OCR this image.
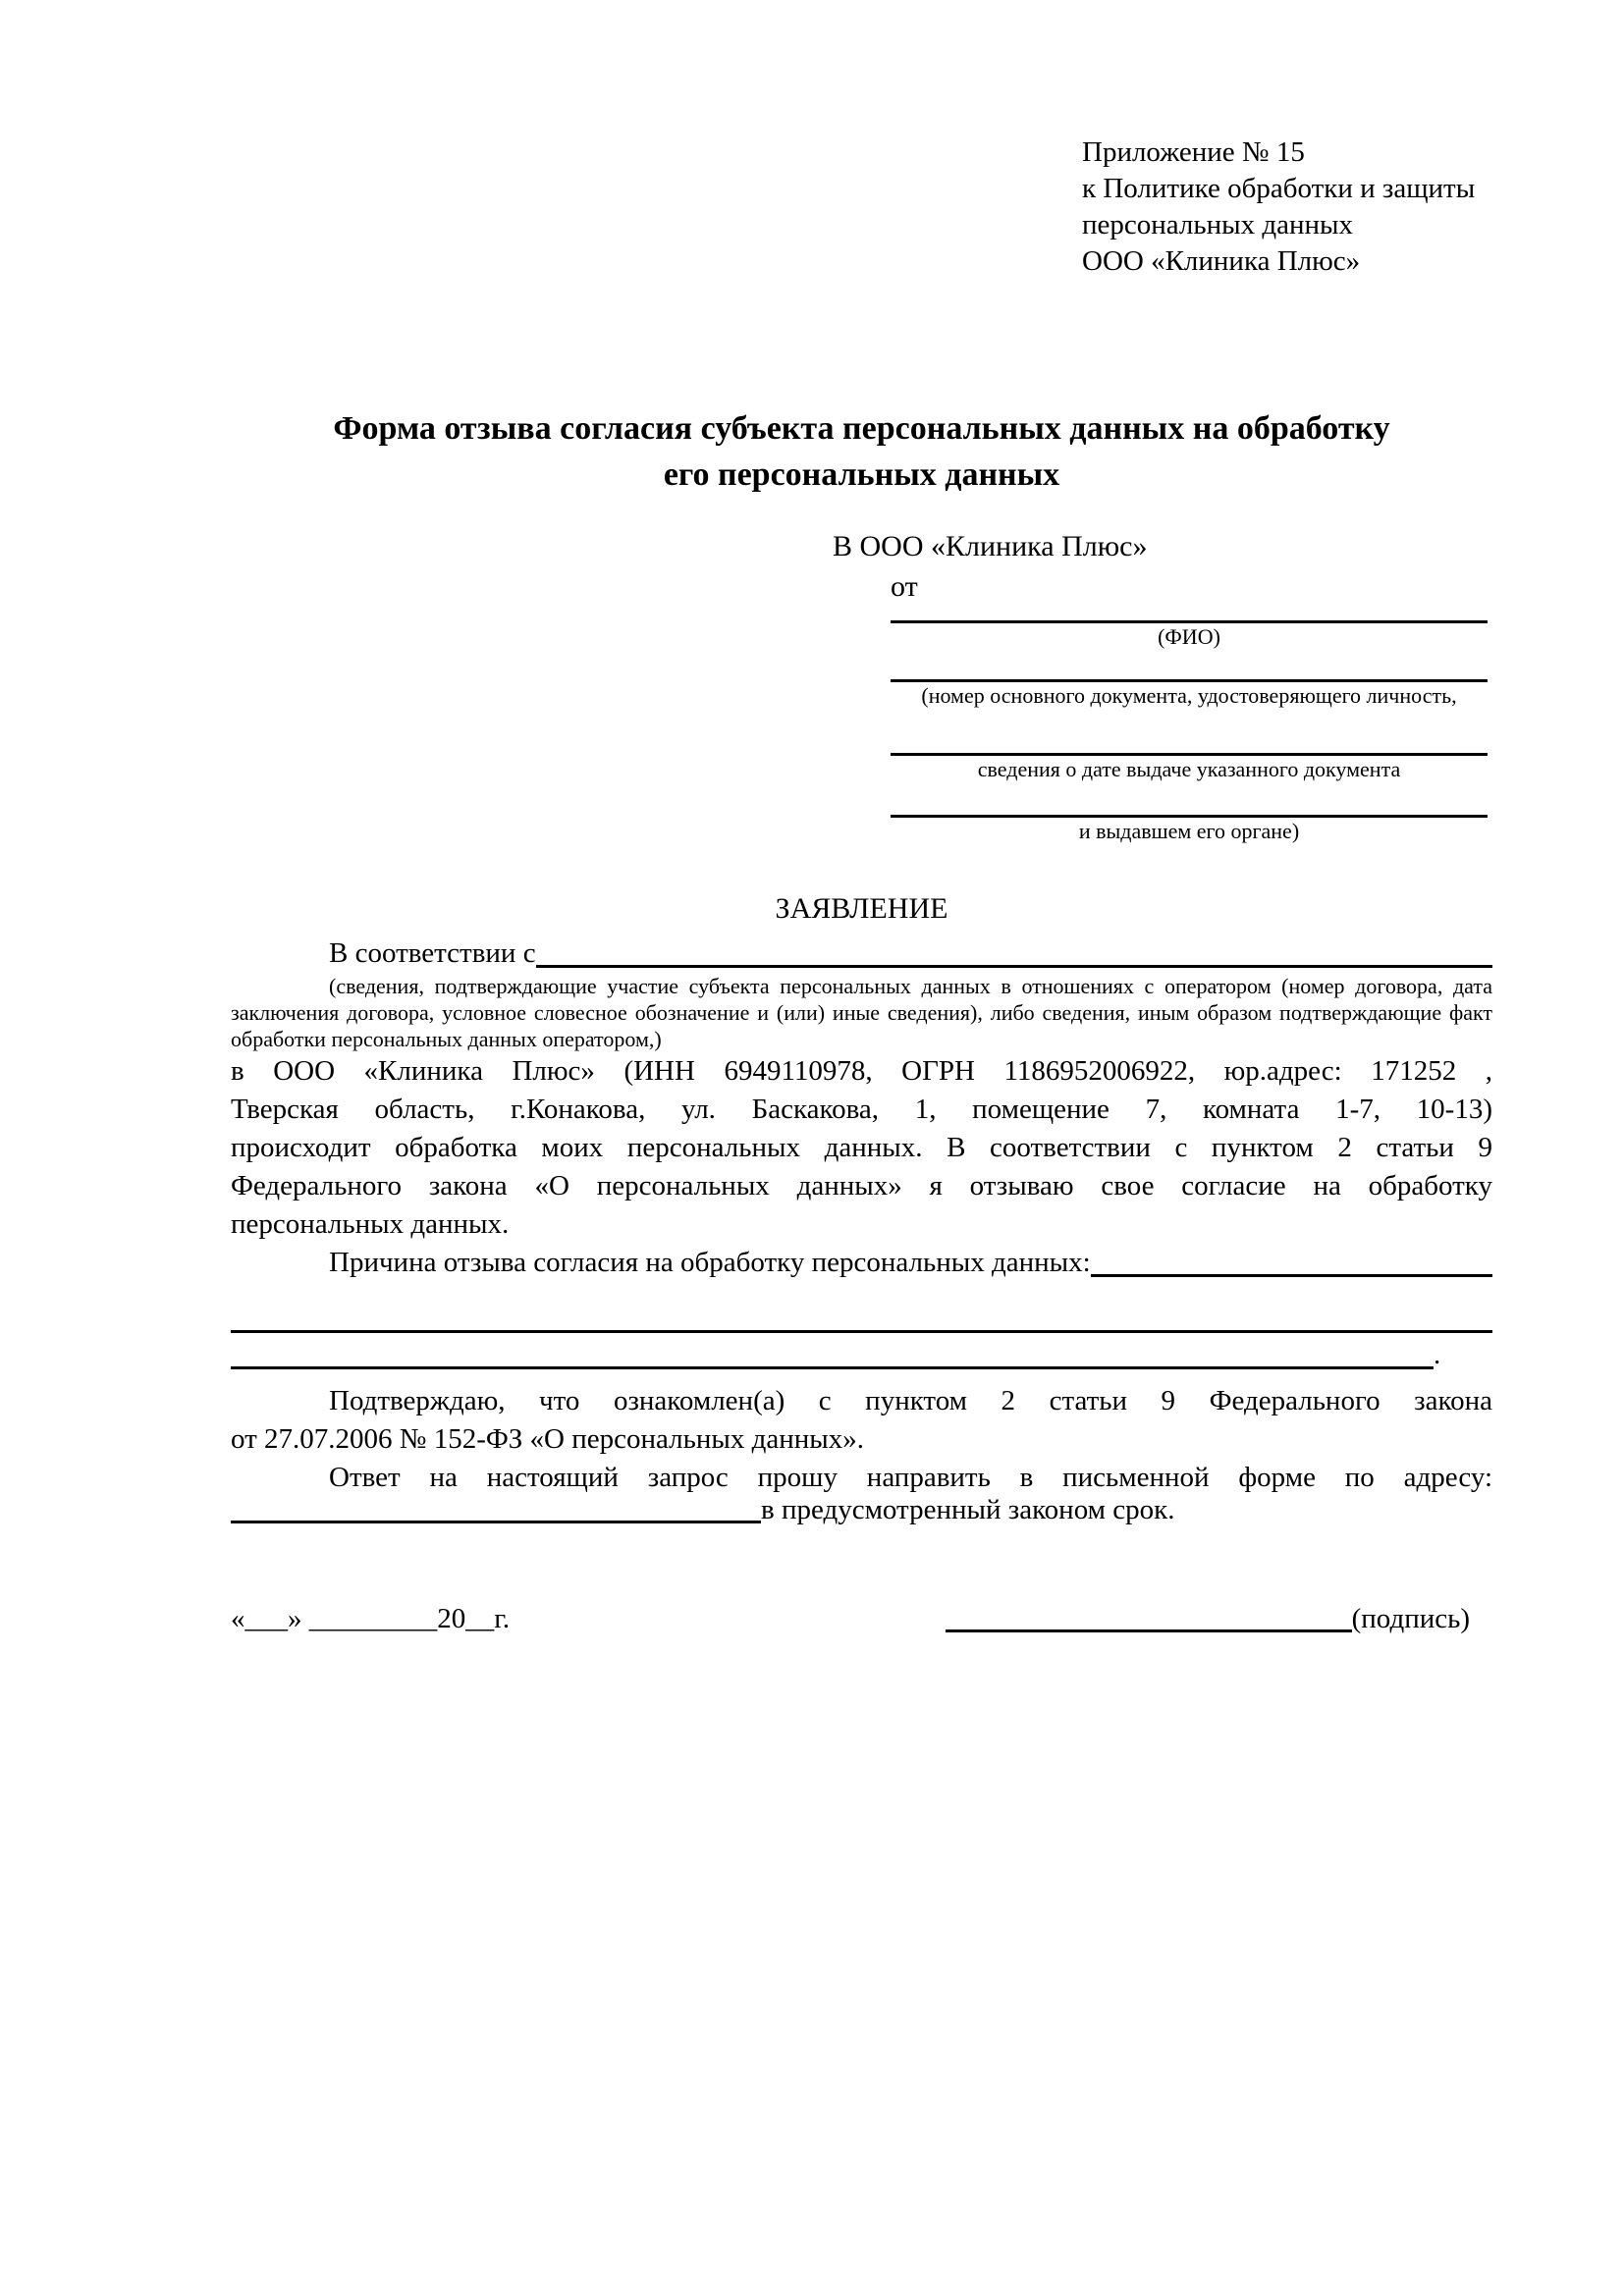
Приложение № 15
к Политике обработки и защиты
персональных данных
ООО «Клиника Плюс»
Форма отзыва согласия субъекта персональных данных на обработку
его персональных данных
В ООО «Клиника Плюс»
от
(ФИО)
(номер основного документа, удостоверяющего личность,
сведения о дате выдаче указанного документа
и выдавшем его органе)
ЗАЯВЛЕНИЕ
В соответствии с
(сведения, подтверждающие участие субъекта персональных данных в отношениях с оператором (номер договора, дата
заключения договора, условное словесное обозначение и (или) иные сведения), либо сведения, иным образом подтверждающие факт
обработки персональных данных оператором,)
в ООО «Клиника Плюс» (ИНН 6949110978, ОГРН 1186952006922, юр.адрес: 171252 ,
Тверская область, г.Конакова, ул. Баскакова, 1, помещение 7, комната 1-7, 10-13)
происходит обработка моих персональных данных. В соответствии с пунктом 2 статьи 9
Федерального закона «О персональных данных» я отзываю свое согласие на обработку
персональных данных.
Причина отзыва согласия на обработку персональных данных:
.
Подтверждаю, что ознакомлен(а) с пунктом 2 статьи 9 Федерального закона
от 27.07.2006 № 152-ФЗ «О персональных данных».
Ответ на настоящий запрос прошу направить в письменной форме по адресу:
в предусмотренный законом срок.
«___» _________20__г.	(подпись)
